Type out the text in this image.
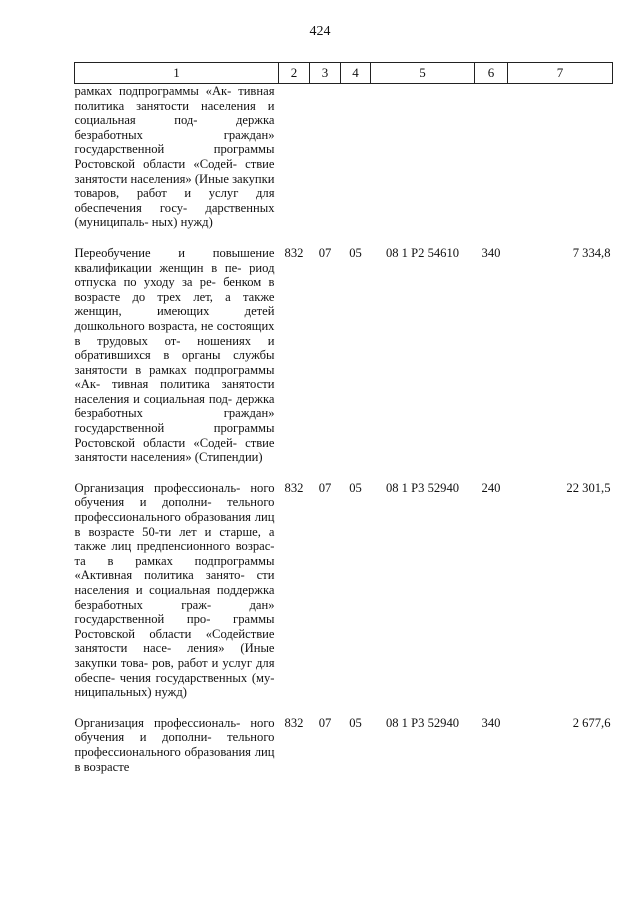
424
1	2	3	4	5	6	7
рамках подпрограммы «Ак- тивная политика занятости населения и социальная под- держка безработных граждан» государственной программы Ростовской области «Содей- ствие занятости населения» (Иные закупки товаров, работ и услуг для обеспечения госу- дарственных (муниципаль- ных) нужд)						
Переобучение и повышение квалификации женщин в пе- риод отпуска по уходу за ре- бенком в возрасте до трех лет, а также женщин, имеющих детей дошкольного возраста, не состоящих в трудовых от- ношениях и обратившихся в органы службы занятости в рамках подпрограммы «Ак- тивная политика занятости населения и социальная под- держка безработных граждан» государственной программы Ростовской области «Содей- ствие занятости населения» (Стипендии)	832	07	05	08 1 P2 54610	340	7 334,8
Организация профессиональ- ного обучения и дополни- тельного профессионального образования лиц в возрасте 50-ти лет и старше, а также лиц предпенсионного возрас- та в рамках подпрограммы «Активная политика занято- сти населения и социальная поддержка безработных граж- дан» государственной про- граммы Ростовской области «Содействие занятости насе- ления» (Иные закупки това- ров, работ и услуг для обеспе- чения государственных (му- ниципальных) нужд)	832	07	05	08 1 P3 52940	240	22 301,5
Организация профессиональ- ного обучения и дополни- тельного профессионального образования лиц в возрасте	832	07	05	08 1 P3 52940	340	2 677,6
